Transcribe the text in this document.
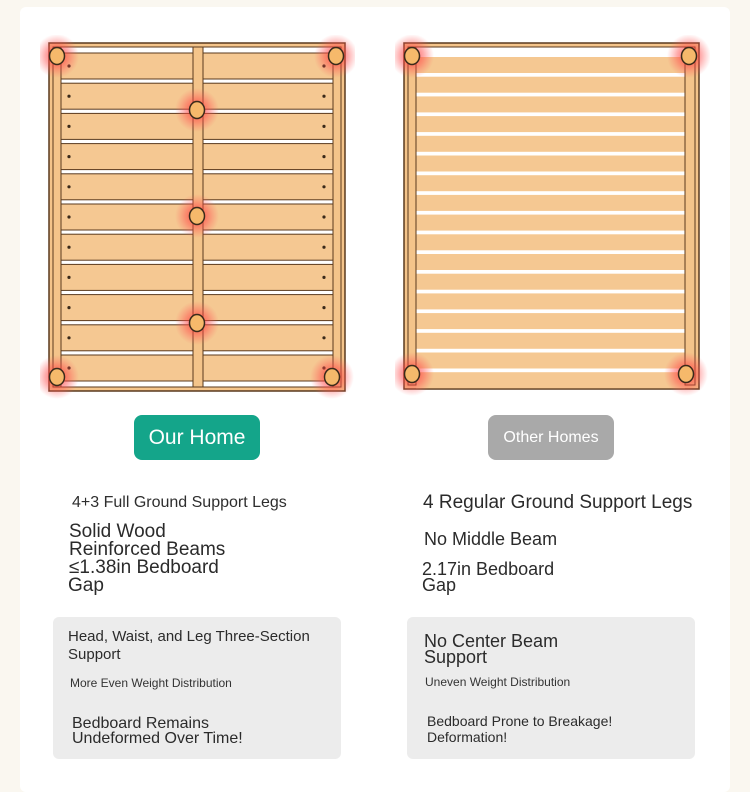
Our Home	Other Homes

4+3 Full Ground Support Legs

Solid Wood

Reinforced Beams

≤1.38in Bedboard

Gap

4 Regular Ground Support Legs

No Middle Beam

2.17in Bedboard

Gap

Head, Waist, and Leg Three-Section

Support

More Even Weight Distribution

Bedboard Remains

Undeformed Over Time!

No Center Beam

Support

Uneven Weight Distribution

Bedboard Prone to Breakage!

Deformation!
